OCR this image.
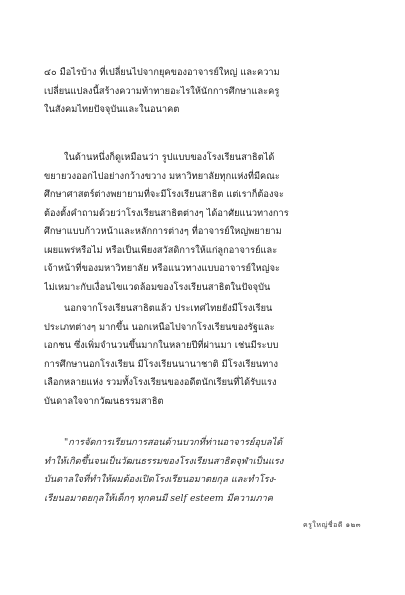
๔๐ มือไรบ้าง ที่เปลี่ยนไปจากยุคของอาจารย์ใหญ่ และความ
เปลี่ยนแปลงนี้สร้างความท้าทายอะไรให้นักการศึกษาและครู
ในสังคมไทยปัจจุบันและในอนาคต
ในด้านหนึ่งก็ดูเหมือนว่า รูปแบบของโรงเรียนสาธิตได้
ขยายวงออกไปอย่างกว้างขวาง มหาวิทยาลัยทุกแห่งที่มีคณะ
ศึกษาศาสตร์ต่างพยายามที่จะมีโรงเรียนสาธิต แต่เราก็ต้องจะ
ต้องตั้งคำถามด้วยว่าโรงเรียนสาธิตต่างๆ ได้อาศัยแนวทางการ
ศึกษาแบบก้าวหน้าและหลักการต่างๆ ที่อาจารย์ใหญ่พยายาม
เผยแพร่หรือไม่ หรือเป็นเพียงสวัสดิการให้แก่ลูกอาจารย์และ
เจ้าหน้าที่ของมหาวิทยาลัย หรือแนวทางแบบอาจารย์ใหญ่จะ
ไม่เหมาะกับเงื่อนไขแวดล้อมของโรงเรียนสาธิตในปัจจุบัน
นอกจากโรงเรียนสาธิตแล้ว ประเทศไทยยังมีโรงเรียน
ประเภทต่างๆ มากขึ้น นอกเหนือไปจากโรงเรียนของรัฐและ
เอกชน ซึ่งเพิ่มจำนวนขึ้นมากในหลายปีที่ผ่านมา เช่นมีระบบ
การศึกษานอกโรงเรียน มีโรงเรียนนานาชาติ มีโรงเรียนทาง
เลือกหลายแห่ง รวมทั้งโรงเรียนของอดีตนักเรียนที่ได้รับแรง
บันดาลใจจากวัฒนธรรมสาธิต
"การจัดการเรียนการสอนด้านบวกที่ท่านอาจารย์อุบลได้
ทำให้เกิดขึ้นจนเป็นวัฒนธรรมของโรงเรียนสาธิตจุฬาเป็นแรง
บันดาลใจที่ทำให้ผมต้องเปิดโรงเรียนอมาตยกุล และทำโรง-
เรียนอมาตยกุลให้เด็กๆ ทุกคนมี self esteem มีความภาค
ครูใหญ่ชื่อดี ๑๒๓
